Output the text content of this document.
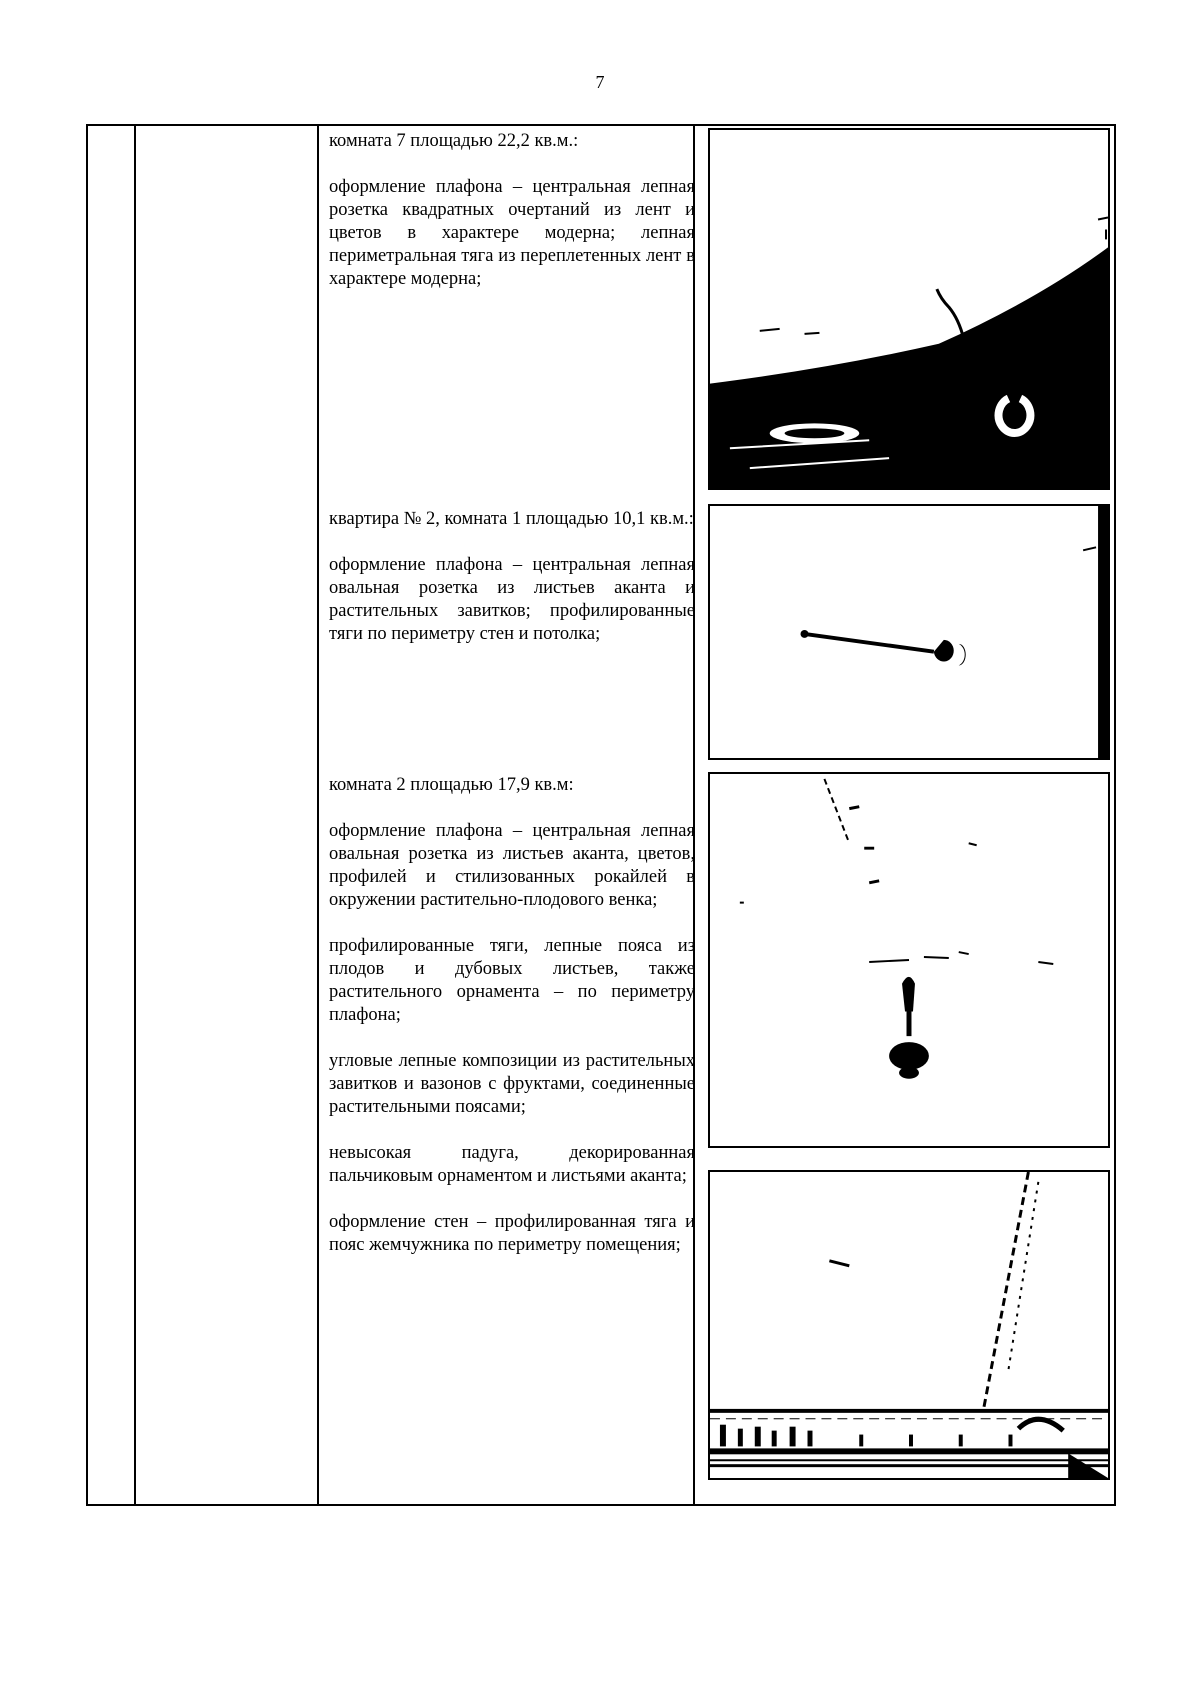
7

комната 7 площадью 22,2 кв.м.:

оформление плафона – центральная лепная розетка квадратных очертаний из лент и цветов в характере модерна; лепная периметральная тяга из переплетенных лент в характере модерна;

квартира № 2, комната 1 площадью 10,1 кв.м.:

оформление плафона – центральная лепная овальная розетка из листьев аканта и растительных завитков; профилированные тяги по периметру стен и потолка;

комната 2 площадью 17,9 кв.м:

оформление плафона – центральная лепная овальная розетка из листьев аканта, цветов, профилей и стилизованных рокайлей в окружении растительно-плодового венка;

профилированные тяги, лепные пояса из плодов и дубовых листьев, также растительного орнамента – по периметру плафона;

угловые лепные композиции из растительных завитков и вазонов с фруктами, соединенные растительными поясами;

невысокая падуга, декорированная пальчиковым орнаментом и листьями аканта;

оформление стен – профилированная тяга и пояс жемчужника по периметру помещения;
